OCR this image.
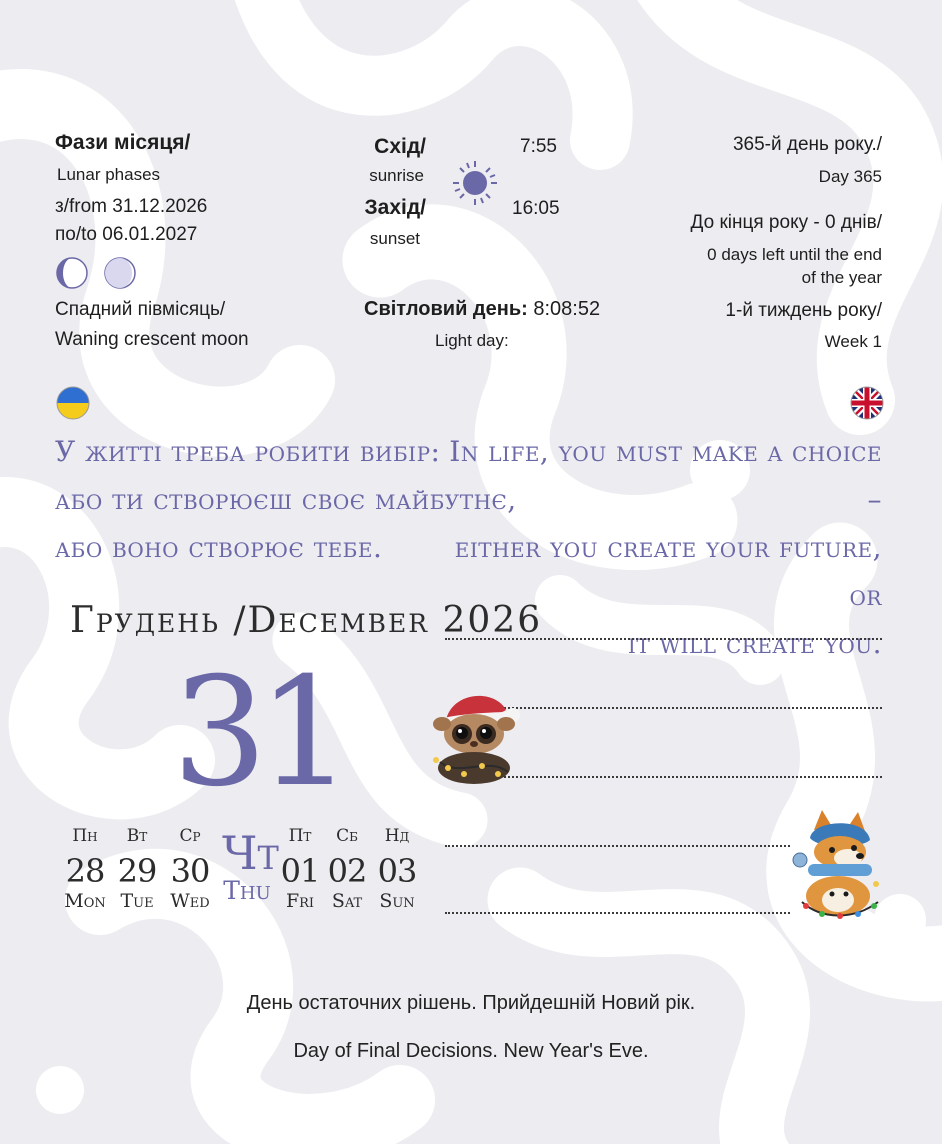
Фази місяця/
Lunar phases
з/from 31.12.2026
по/to 06.01.2027
Спадний півмісяць/
Waning crescent moon
Схід/
sunrise
Захід/
sunset
7:55
16:05
Світловий день: 8:08:52
Light day:
365-й день року./
Day 365
До кінця року - 0 днів/
0 days left until the end
of the year
1-й тиждень року/
Week 1
У житті треба робити вибір:
або ти створюєш своє майбутнє,
або воно створює тебе.
In life, you must make a choice –
either you create your future, or
it will create you.
Грудень /December 2026
31
Пн
28
Mon
Вт
29
Tue
Ср
30
Wed
Чт
Thu
Пт
01
Fri
Сб
02
Sat
Нд
03
Sun
День остаточних рішень. Прийдешній Новий рік.
Day of Final Decisions. New Year's Eve.
